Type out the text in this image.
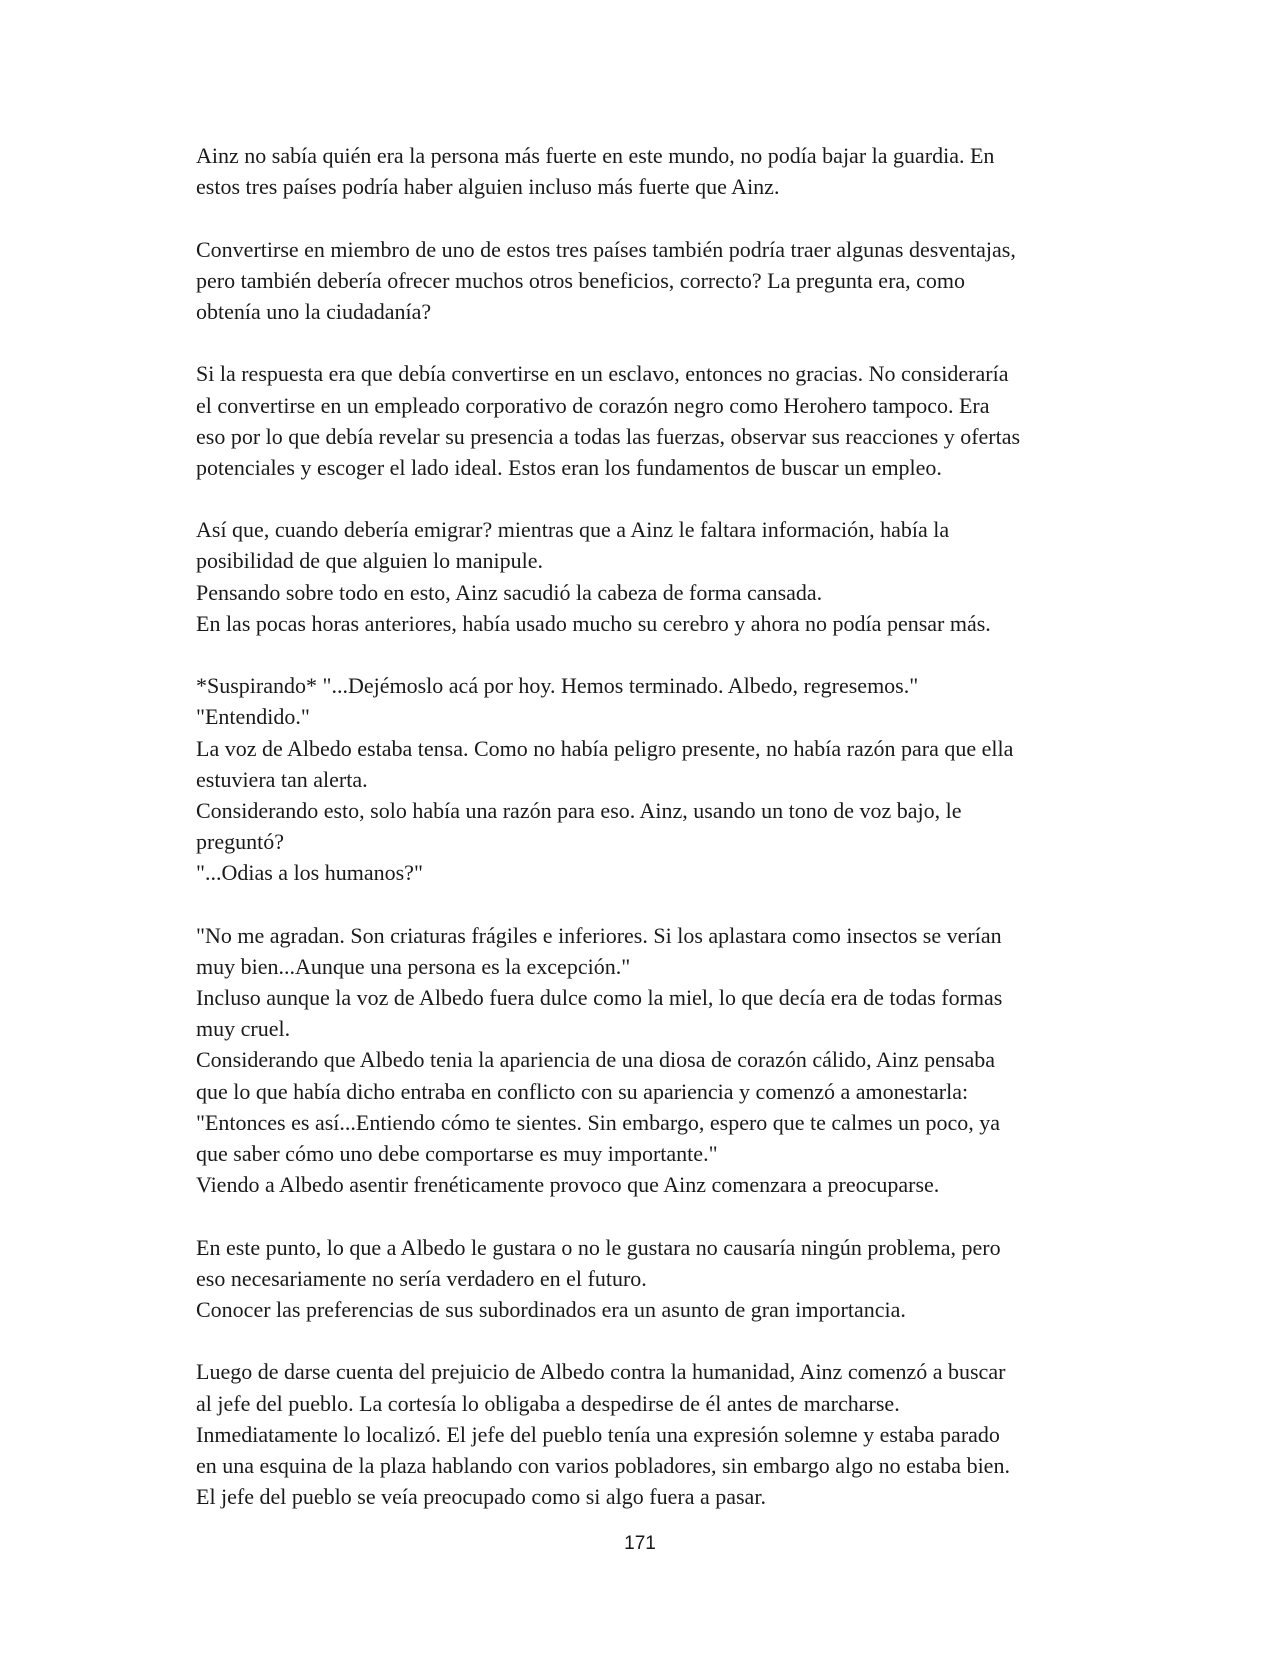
Ainz no sabía quién era la persona más fuerte en este mundo, no podía bajar la guardia. En
estos tres países podría haber alguien incluso más fuerte que Ainz.
Convertirse en miembro de uno de estos tres países también podría traer algunas desventajas,
pero también debería ofrecer muchos otros beneficios, correcto? La pregunta era, como
obtenía uno la ciudadanía?
Si la respuesta era que debía convertirse en un esclavo, entonces no gracias. No consideraría
el convertirse en un empleado corporativo de corazón negro como Herohero tampoco. Era
eso por lo que debía revelar su presencia a todas las fuerzas, observar sus reacciones y ofertas
potenciales y escoger el lado ideal. Estos eran los fundamentos de buscar un empleo.
Así que, cuando debería emigrar? mientras que a Ainz le faltara información, había la
posibilidad de que alguien lo manipule.
Pensando sobre todo en esto, Ainz sacudió la cabeza de forma cansada.
En las pocas horas anteriores, había usado mucho su cerebro y ahora no podía pensar más.
*Suspirando* "...Dejémoslo acá por hoy. Hemos terminado. Albedo, regresemos."
"Entendido."
La voz de Albedo estaba tensa. Como no había peligro presente, no había razón para que ella
estuviera tan alerta.
Considerando esto, solo había una razón para eso. Ainz, usando un tono de voz bajo, le
preguntó?
"...Odias a los humanos?"
"No me agradan. Son criaturas frágiles e inferiores. Si los aplastara como insectos se verían
muy bien...Aunque una persona es la excepción."
Incluso aunque la voz de Albedo fuera dulce como la miel, lo que decía era de todas formas
muy cruel.
Considerando que Albedo tenia la apariencia de una diosa de corazón cálido, Ainz pensaba
que lo que había dicho entraba en conflicto con su apariencia y comenzó a amonestarla:
"Entonces es así...Entiendo cómo te sientes. Sin embargo, espero que te calmes un poco, ya
que saber cómo uno debe comportarse es muy importante."
Viendo a Albedo asentir frenéticamente provoco que Ainz comenzara a preocuparse.
En este punto, lo que a Albedo le gustara o no le gustara no causaría ningún problema, pero
eso necesariamente no sería verdadero en el futuro.
Conocer las preferencias de sus subordinados era un asunto de gran importancia.
Luego de darse cuenta del prejuicio de Albedo contra la humanidad, Ainz comenzó a buscar
al jefe del pueblo. La cortesía lo obligaba a despedirse de él antes de marcharse.
Inmediatamente lo localizó. El jefe del pueblo tenía una expresión solemne y estaba parado
en una esquina de la plaza hablando con varios pobladores, sin embargo algo no estaba bien.
El jefe del pueblo se veía preocupado como si algo fuera a pasar.
171
